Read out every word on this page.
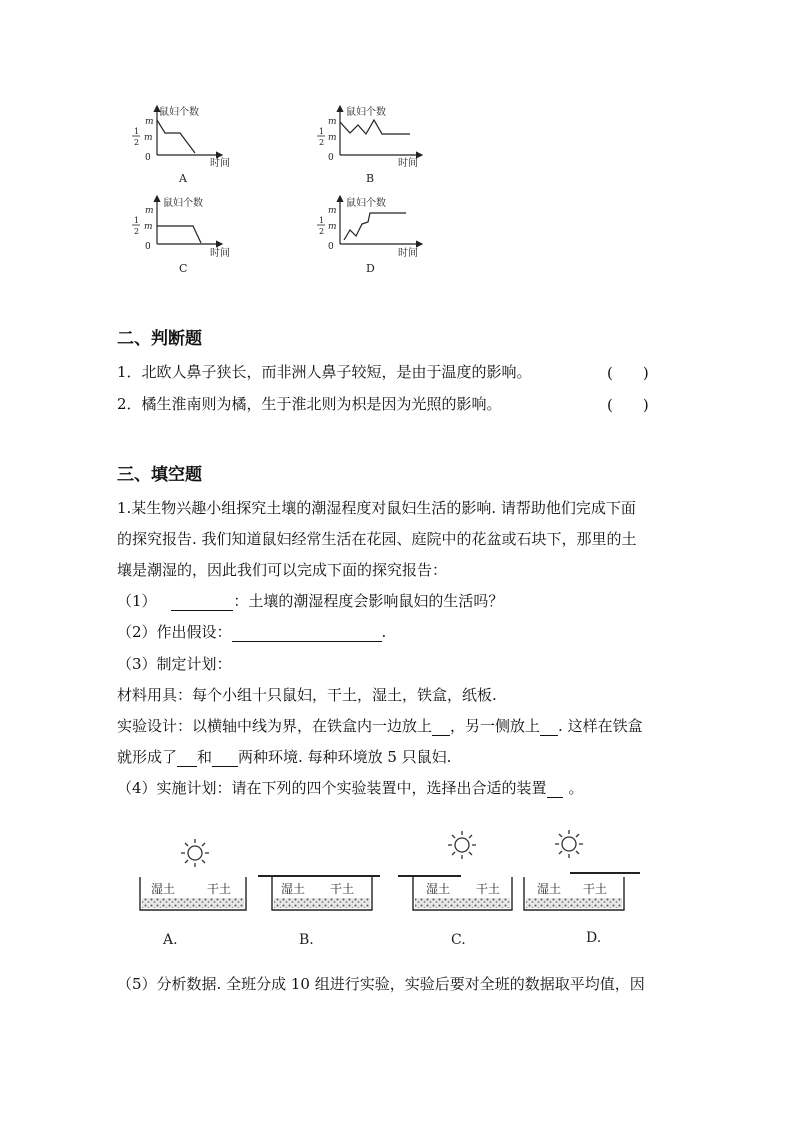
鼠妇个数
时间
m
1
2 m
0
A
鼠妇个数
时间
m
1
2 m
0
B
鼠妇个数
时间
m
1
2 m
0
C
鼠妇个数
时间
m
1
2 m
0
D
二、判断题
1．北欧人鼻子狭长，而非洲人鼻子较短，是由于温度的影响。	(　　)
2．橘生淮南则为橘，生于淮北则为枳是因为光照的影响。	(　　)
三、填空题
1.某生物兴趣小组探究土壤的潮湿程度对鼠妇生活的影响. 请帮助他们完成下面
的探究报告. 我们知道鼠妇经常生活在花园、庭院中的花盆或石块下，那里的土
壤是潮湿的，因此我们可以完成下面的探究报告：
（1）	：土壤的潮湿程度会影响鼠妇的生活吗？
（2）作出假设：	.
（3）制定计划：
材料用具：每个小组十只鼠妇，干土，湿土，铁盒，纸板.
实验设计：以横轴中线为界，在铁盒内一边放上 ，另一侧放上 . 这样在铁盒
就形成了 和 两种环境. 每种环境放 5 只鼠妇.
（4）实施计划：请在下列的四个实验装置中，选择出合适的装置 。
湿土	干土
A.
湿土 干土
B.
湿土 干土
C.
湿土 干土
D.
（5）分析数据. 全班分成 10 组进行实验，实验后要对全班的数据取平均值，因
